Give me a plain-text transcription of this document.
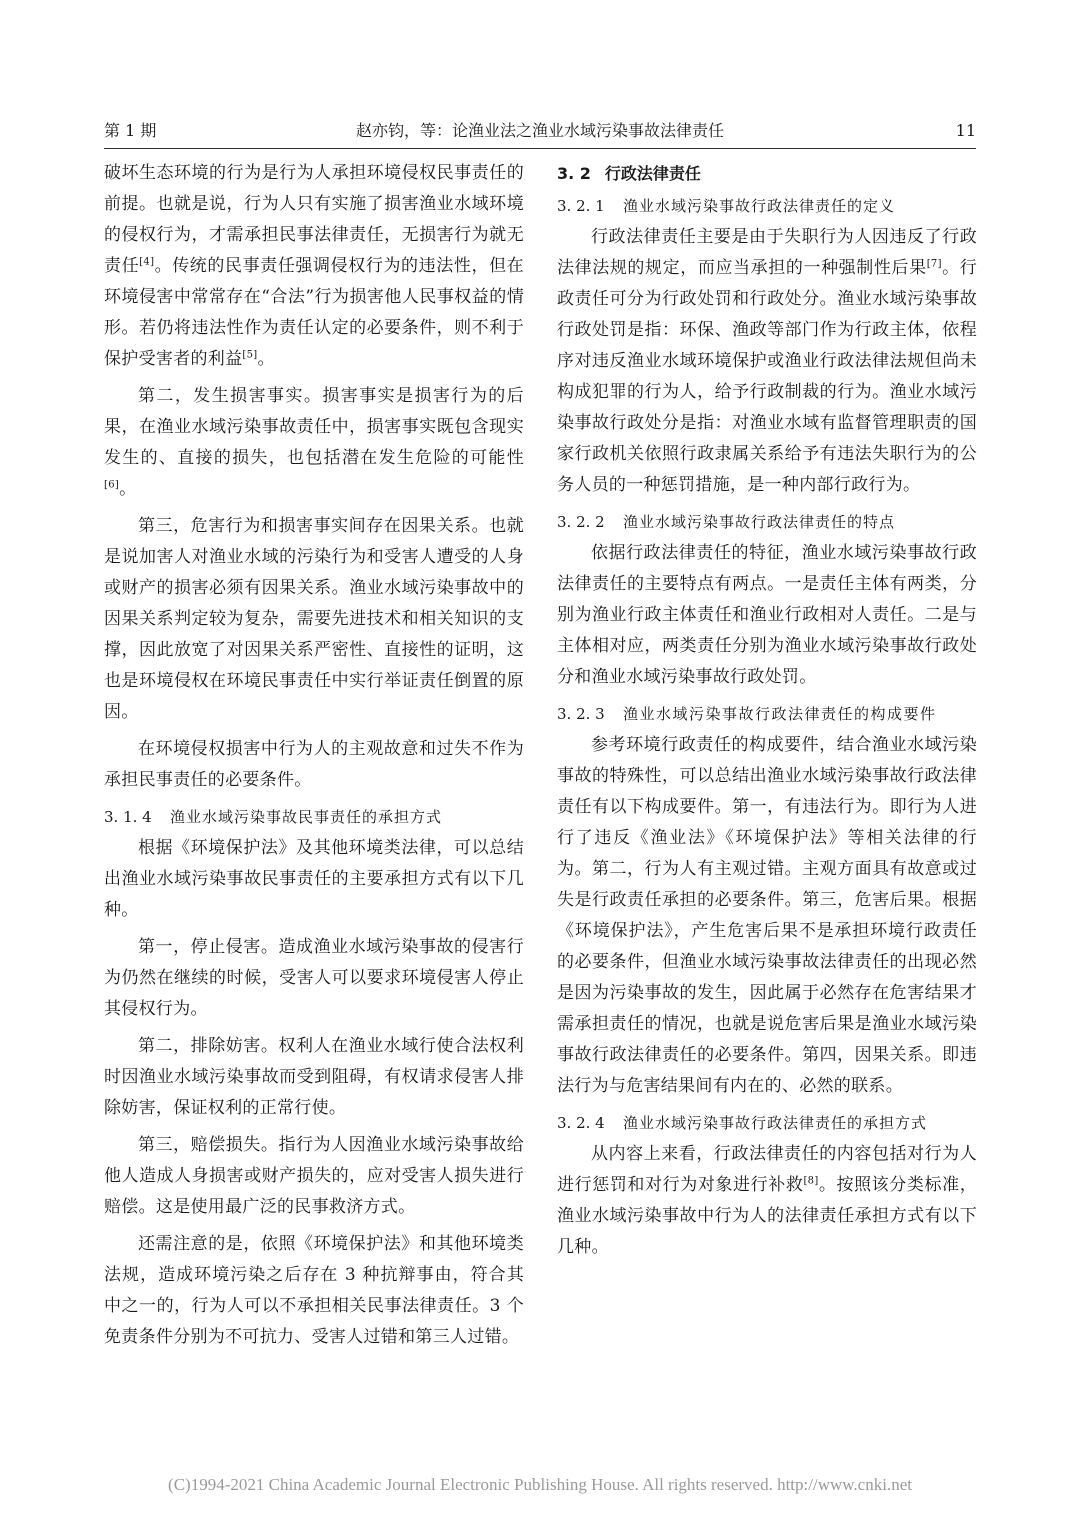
第 1 期	赵亦钧，等：论渔业法之渔业水域污染事故法律责任	11

破坏生态环境的行为是行为人承担环境侵权民事责任的前提。也就是说，行为人只有实施了损害渔业水域环境的侵权行为，才需承担民事法律责任，无损害行为就无责任[4]。传统的民事责任强调侵权行为的违法性，但在环境侵害中常常存在“合法”行为损害他人民事权益的情形。若仍将违法性作为责任认定的必要条件，则不利于保护受害者的利益[5]。

第二，发生损害事实。损害事实是损害行为的后果，在渔业水域污染事故责任中，损害事实既包含现实发生的、直接的损失，也包括潜在发生危险的可能性[6]。

第三，危害行为和损害事实间存在因果关系。也就是说加害人对渔业水域的污染行为和受害人遭受的人身或财产的损害必须有因果关系。渔业水域污染事故中的因果关系判定较为复杂，需要先进技术和相关知识的支撑，因此放宽了对因果关系严密性、直接性的证明，这也是环境侵权在环境民事责任中实行举证责任倒置的原因。

在环境侵权损害中行为人的主观故意和过失不作为承担民事责任的必要条件。

3. 1. 4 渔业水域污染事故民事责任的承担方式

根据《环境保护法》及其他环境类法律，可以总结出渔业水域污染事故民事责任的主要承担方式有以下几种。

第一，停止侵害。造成渔业水域污染事故的侵害行为仍然在继续的时候，受害人可以要求环境侵害人停止其侵权行为。

第二，排除妨害。权利人在渔业水域行使合法权利时因渔业水域污染事故而受到阻碍，有权请求侵害人排除妨害，保证权利的正常行使。

第三，赔偿损失。指行为人因渔业水域污染事故给他人造成人身损害或财产损失的，应对受害人损失进行赔偿。这是使用最广泛的民事救济方式。

还需注意的是，依照《环境保护法》和其他环境类法规，造成环境污染之后存在 3 种抗辩事由，符合其中之一的，行为人可以不承担相关民事法律责任。3 个免责条件分别为不可抗力、受害人过错和第三人过错。

3. 2 行政法律责任
3. 2. 1 渔业水域污染事故行政法律责任的定义

行政法律责任主要是由于失职行为人因违反了行政法律法规的规定，而应当承担的一种强制性后果[7]。行政责任可分为行政处罚和行政处分。渔业水域污染事故行政处罚是指：环保、渔政等部门作为行政主体，依程序对违反渔业水域环境保护或渔业行政法律法规但尚未构成犯罪的行为人，给予行政制裁的行为。渔业水域污染事故行政处分是指：对渔业水域有监督管理职责的国家行政机关依照行政隶属关系给予有违法失职行为的公务人员的一种惩罚措施，是一种内部行政行为。

3. 2. 2 渔业水域污染事故行政法律责任的特点

依据行政法律责任的特征，渔业水域污染事故行政法律责任的主要特点有两点。一是责任主体有两类，分别为渔业行政主体责任和渔业行政相对人责任。二是与主体相对应，两类责任分别为渔业水域污染事故行政处分和渔业水域污染事故行政处罚。

3. 2. 3 渔业水域污染事故行政法律责任的构成要件

参考环境行政责任的构成要件，结合渔业水域污染事故的特殊性，可以总结出渔业水域污染事故行政法律责任有以下构成要件。第一，有违法行为。即行为人进行了违反《渔业法》《环境保护法》等相关法律的行为。第二，行为人有主观过错。主观方面具有故意或过失是行政责任承担的必要条件。第三，危害后果。根据《环境保护法》，产生危害后果不是承担环境行政责任的必要条件，但渔业水域污染事故法律责任的出现必然是因为污染事故的发生，因此属于必然存在危害结果才需承担责任的情况，也就是说危害后果是渔业水域污染事故行政法律责任的必要条件。第四，因果关系。即违法行为与危害结果间有内在的、必然的联系。

3. 2. 4 渔业水域污染事故行政法律责任的承担方式

从内容上来看，行政法律责任的内容包括对行为人进行惩罚和对行为对象进行补救[8]。按照该分类标准，渔业水域污染事故中行为人的法律责任承担方式有以下几种。

(C)1994-2021 China Academic Journal Electronic Publishing House. All rights reserved. http://www.cnki.net
